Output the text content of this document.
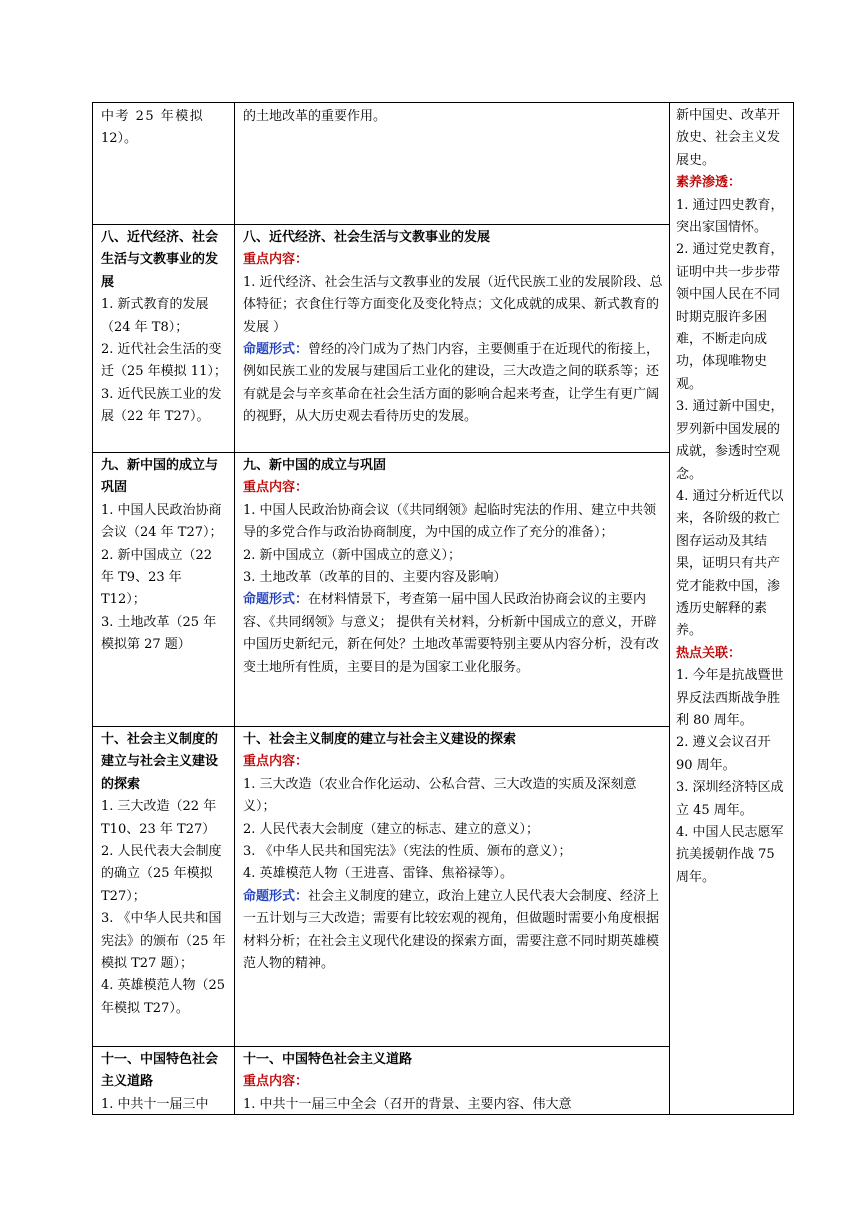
中考 25 年模拟

12）。

的土地改革的重要作用。

八、近代经济、社会生活与文教事业的发展

1. 新式教育的发展（24 年 T8）；

2. 近代社会生活的变迁（25 年模拟 11）；

3. 近代民族工业的发展（22 年 T27）。

八、近代经济、社会生活与文教事业的发展

重点内容：

1. 近代经济、社会生活与文教事业的发展（近代民族工业的发展阶段、总体特征；衣食住行等方面变化及变化特点；文化成就的成果、新式教育的发展 ）

命题形式：曾经的冷门成为了热门内容，主要侧重于在近现代的衔接上，例如民族工业的发展与建国后工业化的建设，三大改造之间的联系等；还有就是会与辛亥革命在社会生活方面的影响合起来考查，让学生有更广阔的视野，从大历史观去看待历史的发展。

九、新中国的成立与巩固

1. 中国人民政治协商会议（24 年 T27）；

2. 新中国成立（22 年 T9、23 年 T12）；

3. 土地改革（25 年模拟第 27 题）

九、新中国的成立与巩固

重点内容：

1. 中国人民政治协商会议（《共同纲领》起临时宪法的作用、建立中共领导的多党合作与政治协商制度，为中国的成立作了充分的准备）；

2. 新中国成立（新中国成立的意义）；

3. 土地改革（改革的目的、主要内容及影响）

命题形式：在材料情景下，考查第一届中国人民政治协商会议的主要内容、《共同纲领》与意义； 提供有关材料，分析新中国成立的意义，开辟中国历史新纪元，新在何处？土地改革需要特别主要从内容分析，没有改变土地所有性质，主要目的是为国家工业化服务。

十、社会主义制度的建立与社会主义建设的探索

1. 三大改造（22 年 T10、23 年 T27）

2. 人民代表大会制度的确立（25 年模拟 T27）；

3. 《中华人民共和国宪法》的颁布（25 年模拟 T27 题）；

4. 英雄模范人物（25 年模拟 T27）。

十、社会主义制度的建立与社会主义建设的探索

重点内容：

1. 三大改造（农业合作化运动、公私合营、三大改造的实质及深刻意义）；

2. 人民代表大会制度（建立的标志、建立的意义）；

3. 《中华人民共和国宪法》（宪法的性质、颁布的意义）；

4. 英雄模范人物（王进喜、雷锋、焦裕禄等）。

命题形式：社会主义制度的建立，政治上建立人民代表大会制度、经济上一五计划与三大改造；需要有比较宏观的视角，但做题时需要小角度根据材料分析；在社会主义现代化建设的探索方面，需要注意不同时期英雄模范人物的精神。

十一、中国特色社会主义道路

1. 中共十一届三中

十一、中国特色社会主义道路

重点内容：

1. 中共十一届三中全会（召开的背景、主要内容、伟大意

新中国史、改革开放史、社会主义发展史。

素养渗透：

1. 通过四史教育，突出家国情怀。

2. 通过党史教育，证明中共一步步带领中国人民在不同时期克服许多困难，不断走向成功，体现唯物史观。

3. 通过新中国史，罗列新中国发展的成就，参透时空观念。

4. 通过分析近代以来，各阶级的救亡图存运动及其结果，证明只有共产党才能救中国，渗透历史解释的素养。

热点关联：

1. 今年是抗战暨世界反法西斯战争胜利 80 周年。

2. 遵义会议召开 90 周年。

3. 深圳经济特区成立 45 周年。

4. 中国人民志愿军抗美援朝作战 75 周年。
